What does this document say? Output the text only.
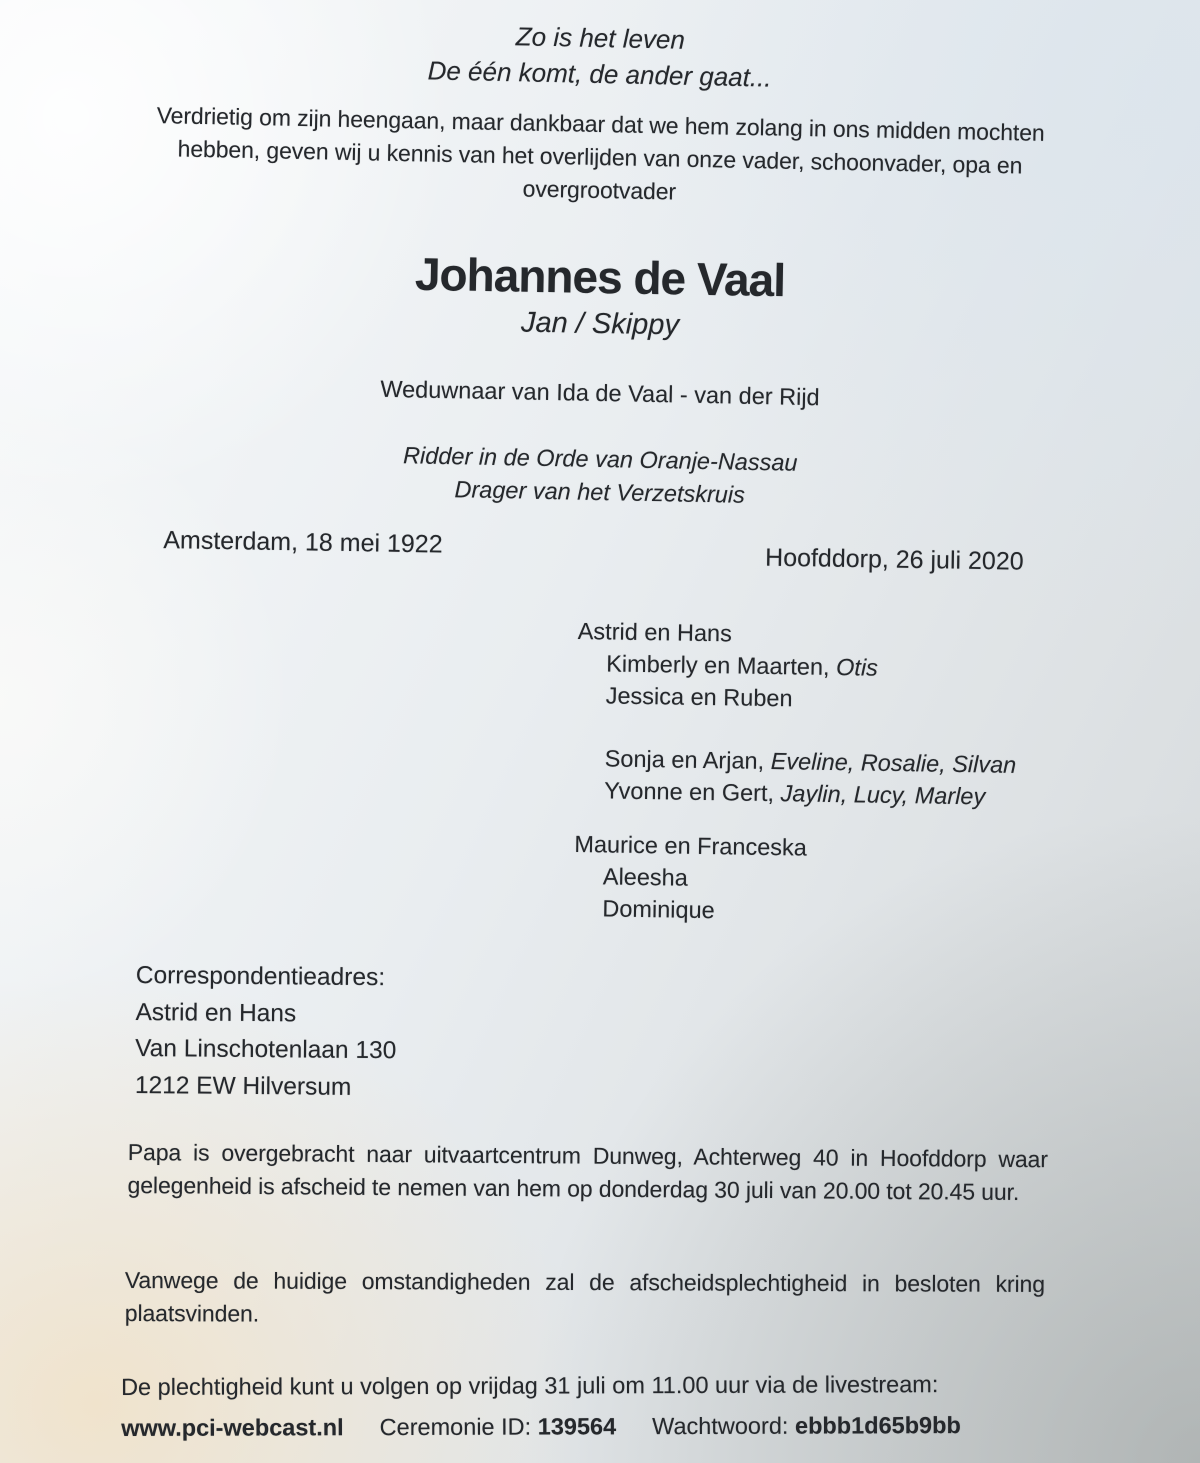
Zo is het leven
De één komt, de ander gaat...
Verdrietig om zijn heengaan, maar dankbaar dat we hem zolang in ons midden mochten hebben, geven wij u kennis van het overlijden van onze vader, schoonvader, opa en overgrootvader
Johannes de Vaal
Jan / Skippy
Weduwnaar van Ida de Vaal - van der Rijd
Ridder in de Orde van Oranje-Nassau
Drager van het Verzetskruis
Amsterdam, 18 mei 1922
Hoofddorp, 26 juli 2020
Astrid en Hans
Kimberly en Maarten, Otis
Jessica en Ruben
Sonja en Arjan, Eveline, Rosalie, Silvan
Yvonne en Gert, Jaylin, Lucy, Marley
Maurice en Franceska
Aleesha
Dominique
Correspondentieadres:
Astrid en Hans
Van Linschotenlaan 130
1212 EW Hilversum
Papa is overgebracht naar uitvaartcentrum Dunweg, Achterweg 40 in Hoofddorp waar gelegenheid is afscheid te nemen van hem op donderdag 30 juli van 20.00 tot 20.45 uur.
Vanwege de huidige omstandigheden zal de afscheidsplechtigheid in besloten kring plaatsvinden.
De plechtigheid kunt u volgen op vrijdag 31 juli om 11.00 uur via de livestream:
www.pci-webcast.nl Ceremonie ID: 139564 Wachtwoord: ebbb1d65b9bb
